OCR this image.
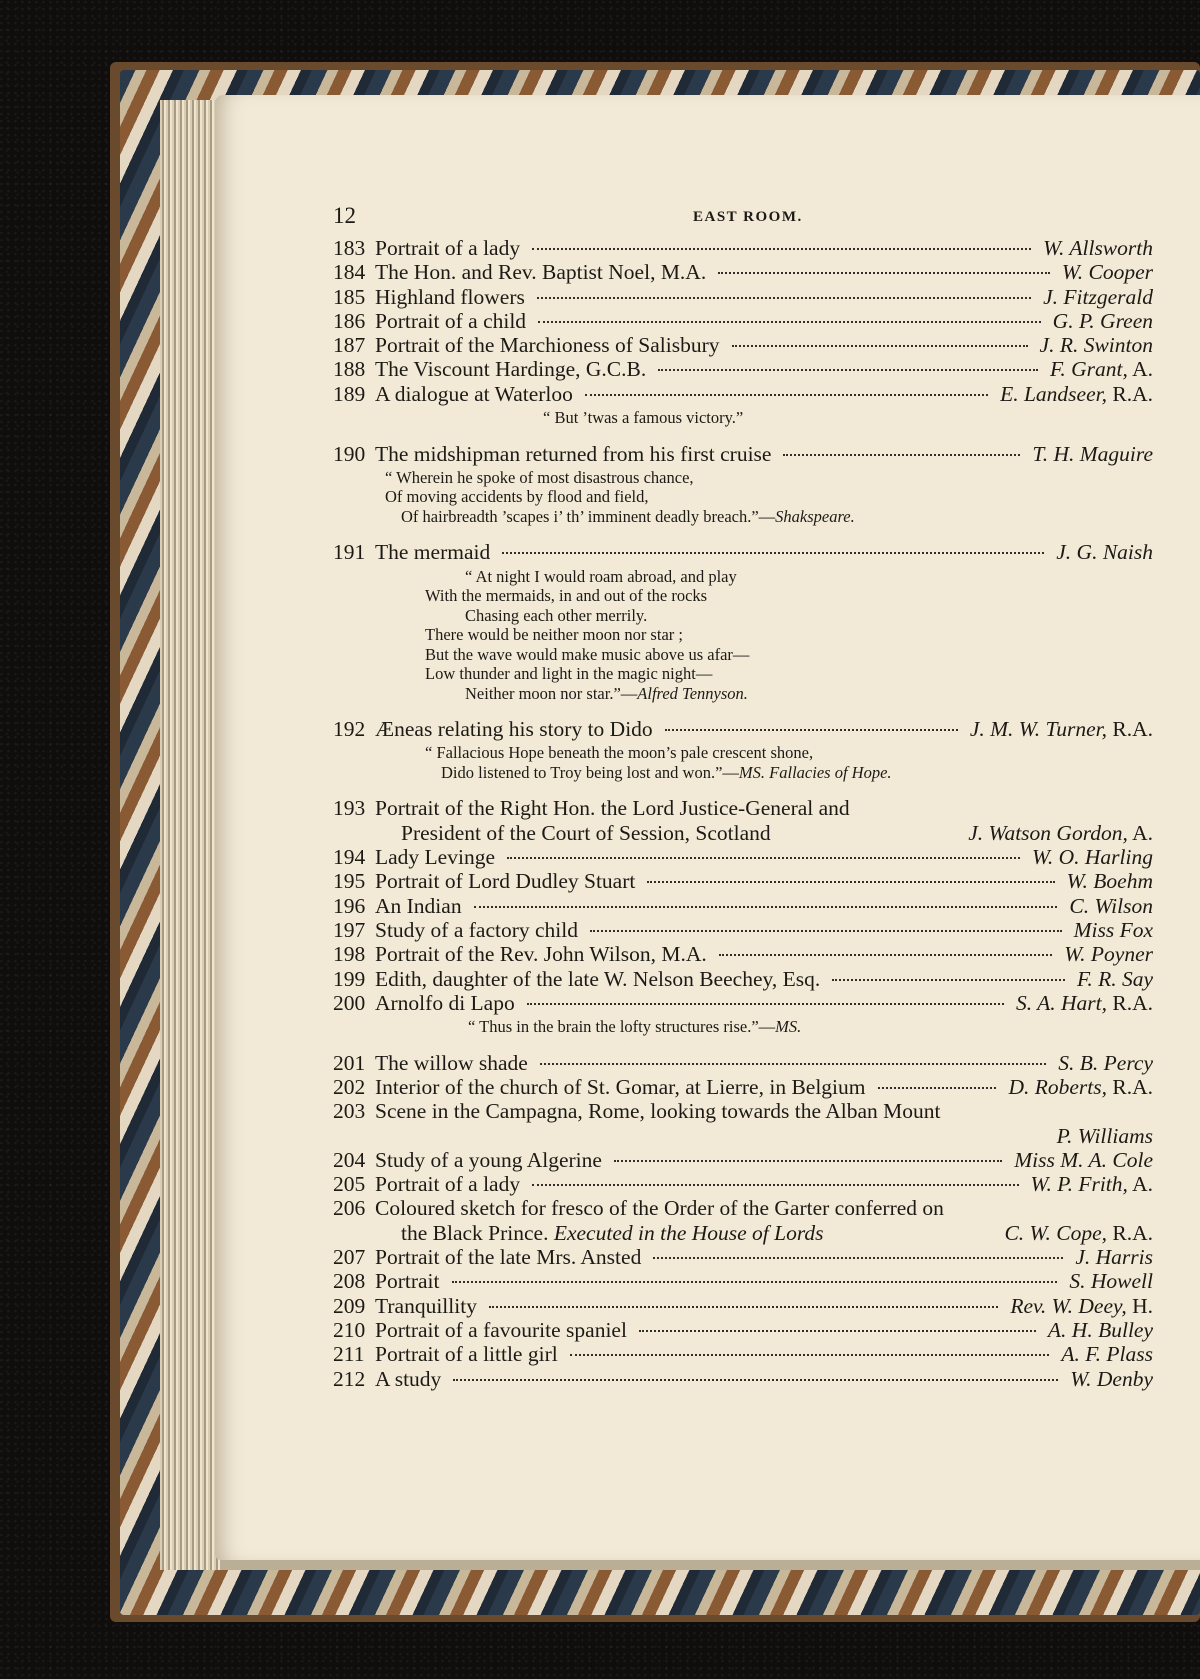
12	EAST ROOM.
183 Portrait of a lady	W. Allsworth
184 The Hon. and Rev. Baptist Noel, M.A.	W. Cooper
185 Highland flowers	J. Fitzgerald
186 Portrait of a child	G. P. Green
187 Portrait of the Marchioness of Salisbury	J. R. Swinton
188 The Viscount Hardinge, G.C.B.	F. Grant, A.
189 A dialogue at Waterloo	E. Landseer, R.A.
“ But ’twas a famous victory.”
190 The midshipman returned from his first cruise	T. H. Maguire
“ Wherein he spoke of most disastrous chance,
Of moving accidents by flood and field,
Of hairbreadth ’scapes i’ th’ imminent deadly breach.”—Shakspeare.
191 The mermaid	J. G. Naish
“ At night I would roam abroad, and play
With the mermaids, in and out of the rocks
Chasing each other merrily.
There would be neither moon nor star ;
But the wave would make music above us afar—
Low thunder and light in the magic night—
Neither moon nor star.”—Alfred Tennyson.
192 Æneas relating his story to Dido	J. M. W. Turner, R.A.
“ Fallacious Hope beneath the moon’s pale crescent shone,
Dido listened to Troy being lost and won.”—MS. Fallacies of Hope.
193 Portrait of the Right Hon. the Lord Justice-General and
President of the Court of Session, Scotland	J. Watson Gordon, A.
194 Lady Levinge	W. O. Harling
195 Portrait of Lord Dudley Stuart	W. Boehm
196 An Indian	C. Wilson
197 Study of a factory child	Miss Fox
198 Portrait of the Rev. John Wilson, M.A.	W. Poyner
199 Edith, daughter of the late W. Nelson Beechey, Esq.	F. R. Say
200 Arnolfo di Lapo	S. A. Hart, R.A.
“ Thus in the brain the lofty structures rise.”—MS.
201 The willow shade	S. B. Percy
202 Interior of the church of St. Gomar, at Lierre, in Belgium	D. Roberts, R.A.
203 Scene in the Campagna, Rome, looking towards the Alban Mount
P. Williams
204 Study of a young Algerine	Miss M. A. Cole
205 Portrait of a lady	W. P. Frith, A.
206 Coloured sketch for fresco of the Order of the Garter conferred on
the Black Prince. Executed in the House of Lords	C. W. Cope, R.A.
207 Portrait of the late Mrs. Ansted	J. Harris
208 Portrait	S. Howell
209 Tranquillity	Rev. W. Deey, H.
210 Portrait of a favourite spaniel	A. H. Bulley
211 Portrait of a little girl	A. F. Plass
212 A study	W. Denby
